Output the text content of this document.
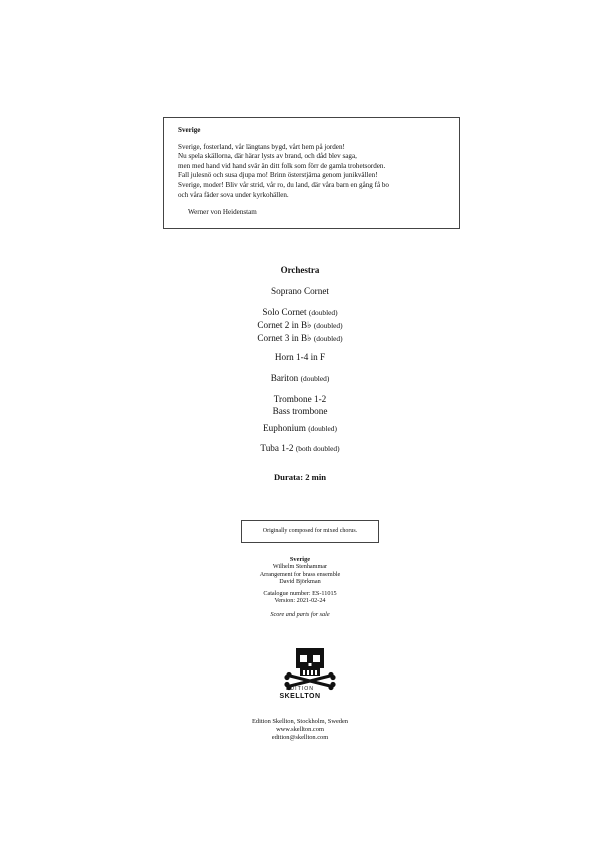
Sverige
Sverige, fosterland, vår längtans bygd, vårt hem på jorden!
Nu spela skällorna, där härar lysts av brand, och dåd blev saga,
men med hand vid hand svär än ditt folk som förr de gamla trohetsorden.
Fall julesnö och susa djupa mo! Brinn österstjärna genom junikvällen!
Sverige, moder! Bliv vår strid, vår ro, du land, där våra barn en gång få bo
och våra fäder sova under kyrkohällen.
Werner von Heidenstam
Orchestra
Soprano Cornet
Solo Cornet (doubled)
Cornet 2 in B♭ (doubled)
Cornet 3 in B♭ (doubled)
Horn 1-4 in F
Bariton (doubled)
Trombone 1-2
Bass trombone
Euphonium (doubled)
Tuba 1-2 (both doubled)
Durata: 2 min
Originally composed for mixed chorus.
Sverige
Wilhelm Stenhammar
Arrangement for brass ensemble
David Björkman
Catalogue number: ES-11015
Version: 2021-02-24
Score and parts for sale
EDITION
SKELLTON
Edition Skellton, Stockholm, Sweden
www.skellton.com
edition@skellton.com
